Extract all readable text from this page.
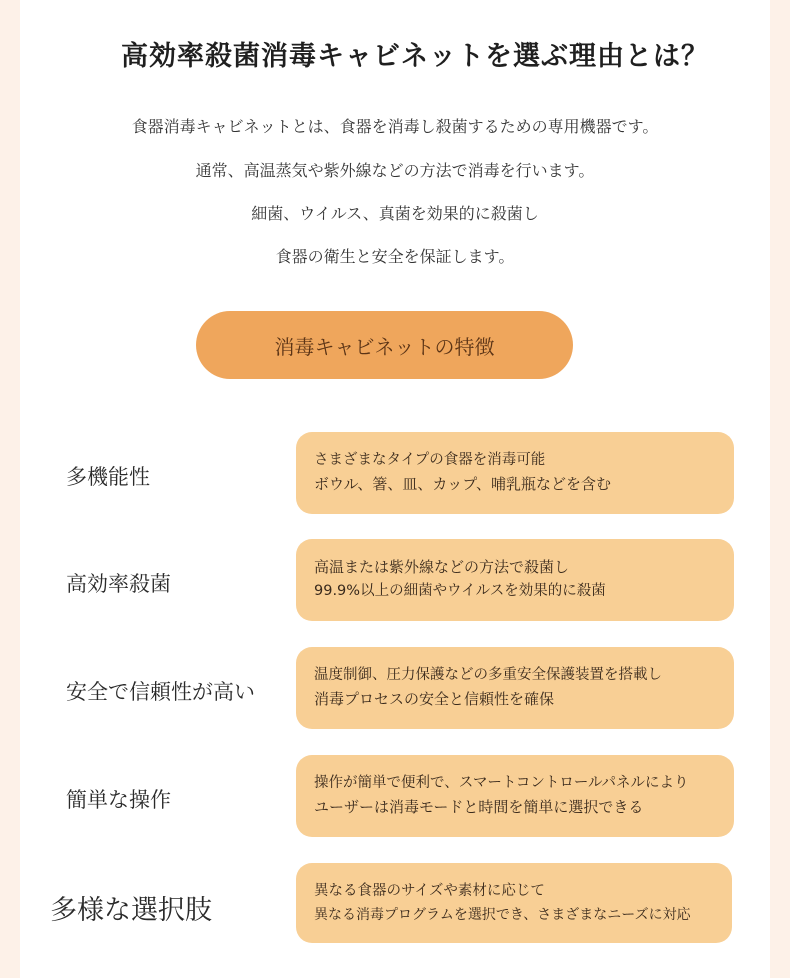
高効率殺菌消毒キャビネットを選ぶ理由とは？
食器消毒キャビネットとは、食器を消毒し殺菌するための専用機器です。
通常、高温蒸気や紫外線などの方法で消毒を行います。
細菌、ウイルス、真菌を効果的に殺菌し
食器の衛生と安全を保証します。
消毒キャビネットの特徴
多機能性
さまざまなタイプの食器を消毒可能
ボウル、箸、皿、カップ、哺乳瓶などを含む
高効率殺菌
高温または紫外線などの方法で殺菌し
99.9%以上の細菌やウイルスを効果的に殺菌
安全で信頼性が高い
温度制御、圧力保護などの多重安全保護装置を搭載し
消毒プロセスの安全と信頼性を確保
簡単な操作
操作が簡単で便利で、スマートコントロールパネルにより
ユーザーは消毒モードと時間を簡単に選択できる
多様な選択肢
異なる食器のサイズや素材に応じて
異なる消毒プログラムを選択でき、さまざまなニーズに対応
